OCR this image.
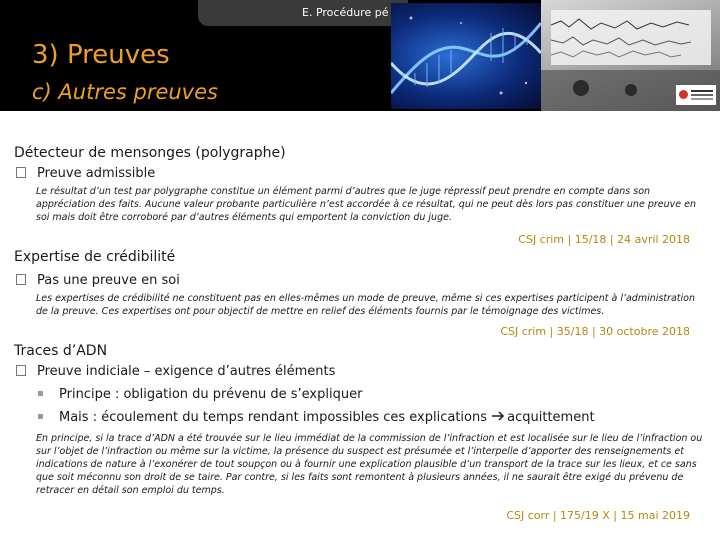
E. Procédure pé
3) Preuves
c) Autres preuves
Détecteur de mensonges (polygraphe)
Preuve admissible
Le résultat d’un test par polygraphe constitue un élément parmi d’autres que le juge répressif peut prendre en compte dans son
appréciation des faits. Aucune valeur probante particulière n’est accordée à ce résultat, qui ne peut dès lors pas constituer une preuve en
soi mais doit être corroboré par d’autres éléments qui emportent la conviction du juge.
CSJ crim | 15/18 | 24 avril 2018
Expertise de crédibilité
Pas une preuve en soi
Les expertises de crédibilité ne constituent pas en elles-mêmes un mode de preuve, même si ces expertises participent à l’administration
de la preuve. Ces expertises ont pour objectif de mettre en relief des éléments fournis par le témoignage des victimes.
CSJ crim | 35/18 | 30 octobre 2018
Traces d’ADN
Preuve indiciale – exigence d’autres éléments
Principe : obligation du prévenu de s’expliquer
Mais : écoulement du temps rendant impossibles ces explications acquittement
En principe, si la trace d’ADN a été trouvée sur le lieu immédiat de la commission de l’infraction et est localisée sur le lieu de l’infraction ou
sur l’objet de l’infraction ou même sur la victime, la présence du suspect est présumée et l’interpelle d’apporter des renseignements et
indications de nature à l’exonérer de tout soupçon ou à fournir une explication plausible d’un transport de la trace sur les lieux, et ce sans
que soit méconnu son droit de se taire. Par contre, si les faits sont remontent à plusieurs années, il ne saurait être exigé du prévenu de
retracer en détail son emploi du temps.
CSJ corr | 175/19 X | 15 mai 2019
